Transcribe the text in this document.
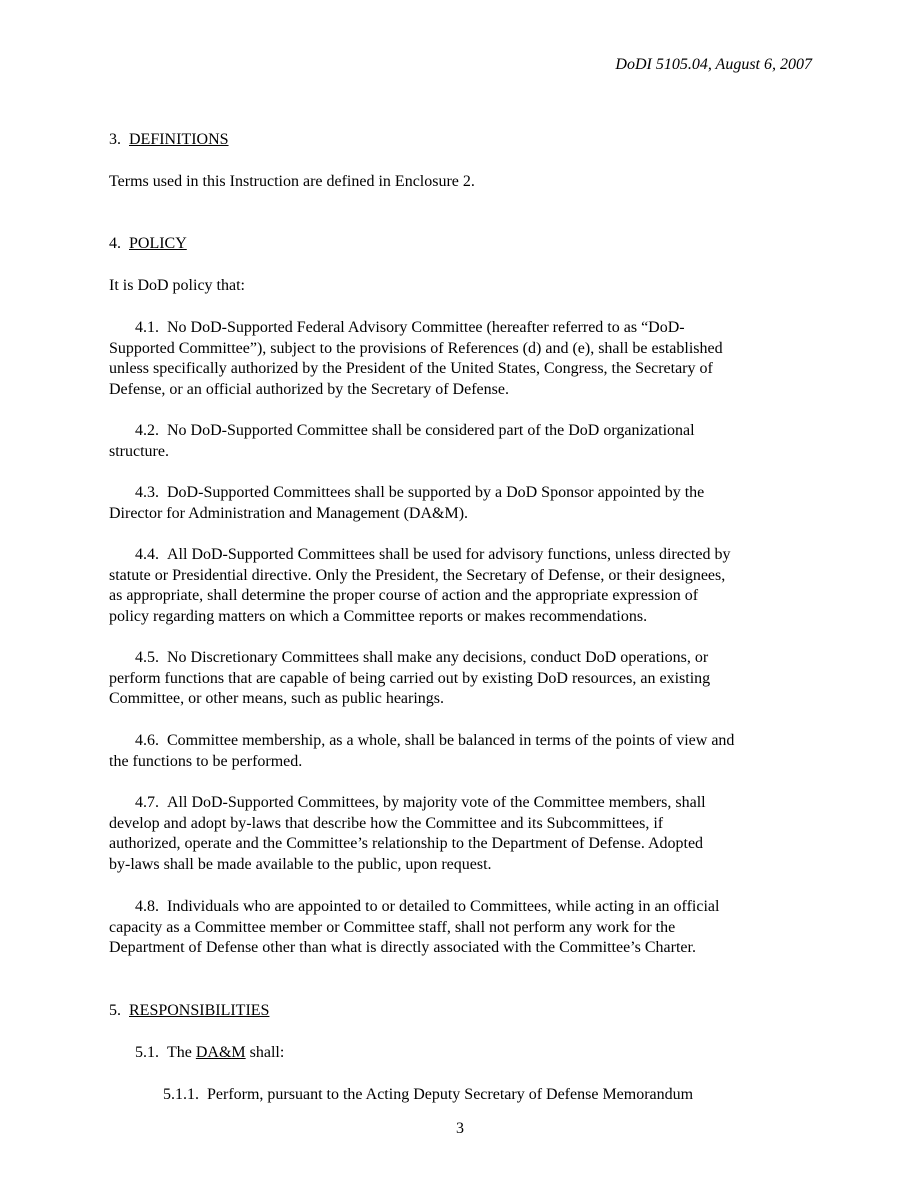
DoDI 5105.04, August 6, 2007
3. DEFINITIONS
Terms used in this Instruction are defined in Enclosure 2.
4. POLICY
It is DoD policy that:
4.1. No DoD-Supported Federal Advisory Committee (hereafter referred to as “DoD-
Supported Committee”), subject to the provisions of References (d) and (e), shall be established
unless specifically authorized by the President of the United States, Congress, the Secretary of
Defense, or an official authorized by the Secretary of Defense.
4.2. No DoD-Supported Committee shall be considered part of the DoD organizational
structure.
4.3. DoD-Supported Committees shall be supported by a DoD Sponsor appointed by the
Director for Administration and Management (DA&M).
4.4. All DoD-Supported Committees shall be used for advisory functions, unless directed by
statute or Presidential directive. Only the President, the Secretary of Defense, or their designees,
as appropriate, shall determine the proper course of action and the appropriate expression of
policy regarding matters on which a Committee reports or makes recommendations.
4.5. No Discretionary Committees shall make any decisions, conduct DoD operations, or
perform functions that are capable of being carried out by existing DoD resources, an existing
Committee, or other means, such as public hearings.
4.6. Committee membership, as a whole, shall be balanced in terms of the points of view and
the functions to be performed.
4.7. All DoD-Supported Committees, by majority vote of the Committee members, shall
develop and adopt by-laws that describe how the Committee and its Subcommittees, if
authorized, operate and the Committee’s relationship to the Department of Defense. Adopted
by-laws shall be made available to the public, upon request.
4.8. Individuals who are appointed to or detailed to Committees, while acting in an official
capacity as a Committee member or Committee staff, shall not perform any work for the
Department of Defense other than what is directly associated with the Committee’s Charter.
5. RESPONSIBILITIES
5.1. The DA&M shall:
5.1.1. Perform, pursuant to the Acting Deputy Secretary of Defense Memorandum
3
